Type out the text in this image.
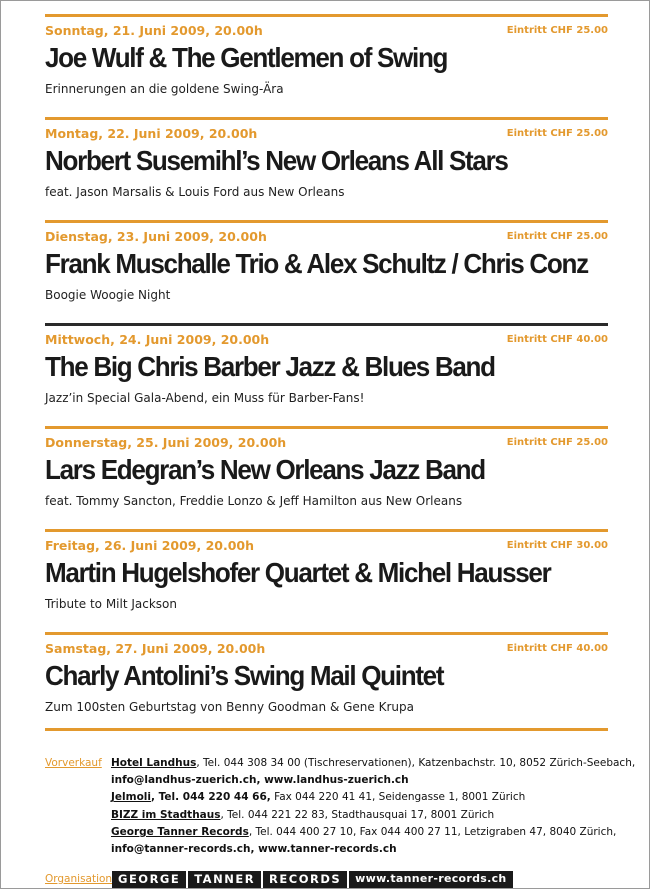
Sonntag, 21. Juni 2009, 20.00h	Eintritt CHF 25.00
Joe Wulf & The Gentlemen of Swing
Erinnerungen an die goldene Swing-Ära
Montag, 22. Juni 2009, 20.00h	Eintritt CHF 25.00
Norbert Susemihl’s New Orleans All Stars
feat. Jason Marsalis & Louis Ford aus New Orleans
Dienstag, 23. Juni 2009, 20.00h	Eintritt CHF 25.00
Frank Muschalle Trio & Alex Schultz / Chris Conz
Boogie Woogie Night
Mittwoch, 24. Juni 2009, 20.00h	Eintritt CHF 40.00
The Big Chris Barber Jazz & Blues Band
Jazz’in Special Gala-Abend, ein Muss für Barber-Fans!
Donnerstag, 25. Juni 2009, 20.00h	Eintritt CHF 25.00
Lars Edegran’s New Orleans Jazz Band
feat. Tommy Sancton, Freddie Lonzo & Jeff Hamilton aus New Orleans
Freitag, 26. Juni 2009, 20.00h	Eintritt CHF 30.00
Martin Hugelshofer Quartet & Michel Hausser
Tribute to Milt Jackson
Samstag, 27. Juni 2009, 20.00h	Eintritt CHF 40.00
Charly Antolini’s Swing Mail Quintet
Zum 100sten Geburtstag von Benny Goodman & Gene Krupa
Vorverkauf Hotel Landhus, Tel. 044 308 34 00 (Tischreservationen), Katzenbachstr. 10, 8052 Zürich-Seebach,
info@landhus-zuerich.ch, www.landhus-zuerich.ch
Jelmoli, Tel. 044 220 44 66, Fax 044 220 41 41, Seidengasse 1, 8001 Zürich
BIZZ im Stadthaus, Tel. 044 221 22 83, Stadthausquai 17, 8001 Zürich
George Tanner Records, Tel. 044 400 27 10, Fax 044 400 27 11, Letzigraben 47, 8040 Zürich,
info@tanner-records.ch, www.tanner-records.ch
Organisation GEORGE	TANNER	RECORDS	www.tanner-records.ch
